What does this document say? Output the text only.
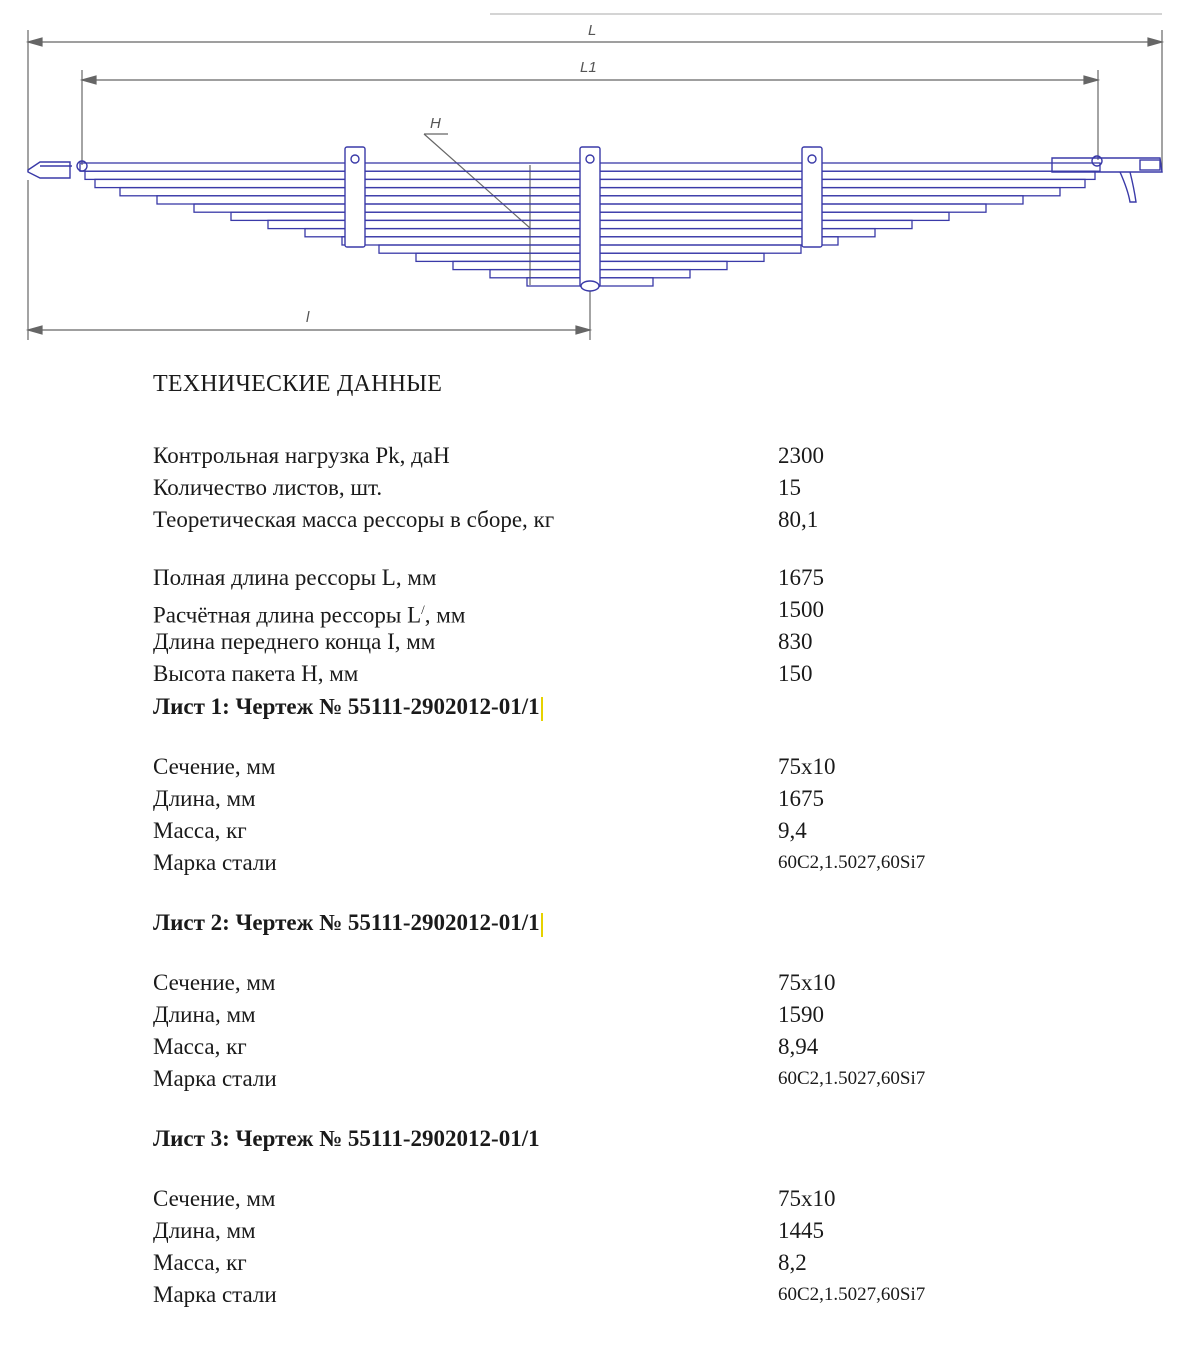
L
L1
H
l
ТЕХНИЧЕСКИЕ ДАННЫЕ
Контрольная нагрузка Pk, даН	2300
Количество листов, шт.	15
Теоретическая масса рессоры в сборе, кг	80,1
Полная длина рессоры L, мм	1675
Расчётная длина рессоры L/, мм	1500
Длина переднего конца I, мм	830
Высота пакета H, мм	150
Лист 1: Чертеж № 55111-2902012-01/1
Сечение, мм	75x10
Длина, мм	1675
Масса, кг	9,4
Марка стали	60С2,1.5027,60Si7
Лист 2: Чертеж № 55111-2902012-01/1
Сечение, мм	75x10
Длина, мм	1590
Масса, кг	8,94
Марка стали	60С2,1.5027,60Si7
Лист 3: Чертеж № 55111-2902012-01/1
Сечение, мм	75x10
Длина, мм	1445
Масса, кг	8,2
Марка стали	60С2,1.5027,60Si7
